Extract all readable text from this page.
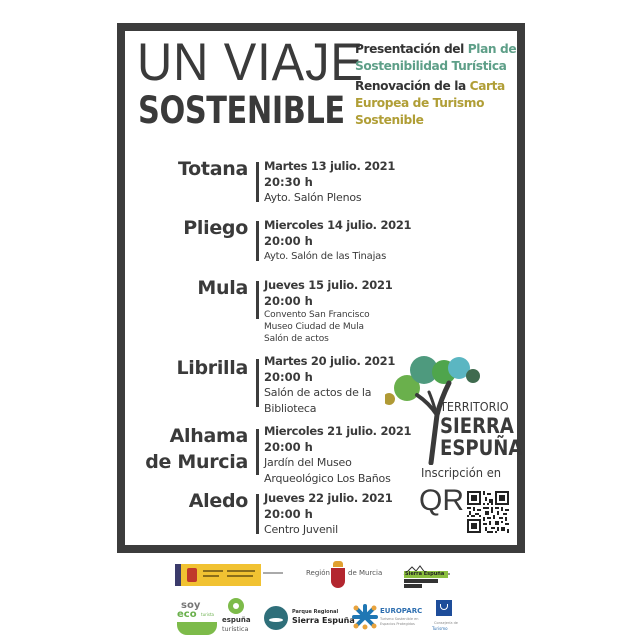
UN VIAJE
SOSTENIBLE
Presentación del Plan de
Sostenibilidad Turística
Renovación de la Carta
Europea de Turismo
Sostenible
Totana Martes 13 julio. 2021
20:30 h
Ayto. Salón Plenos
Pliego Miercoles 14 julio. 2021
20:00 h
Ayto. Salón de las Tinajas
Mula Jueves 15 julio. 2021
20:00 h
Convento San Francisco
Museo Ciudad de Mula
Salón de actos
Librilla Martes 20 julio. 2021
20:00 h
Salón de actos de la
Biblioteca
Alhama
de Murcia
Miercoles 21 julio. 2021
20:00 h
Jardín del Museo
Arqueológico Los Baños
Aledo Jueves 22 julio. 2021
20:00 h
Centro Juvenil
TERRITORIO
SIERRA
ESPUÑA
Inscripción en
QR
Región	de Murcia	Sierra Espuña
soy
eco turista
espuña
turística
Parque Regional
Sierra Espuña
EUROPARC
Turismo Sostenible en
Espacios Protegidos	Consejería de
Turismo
